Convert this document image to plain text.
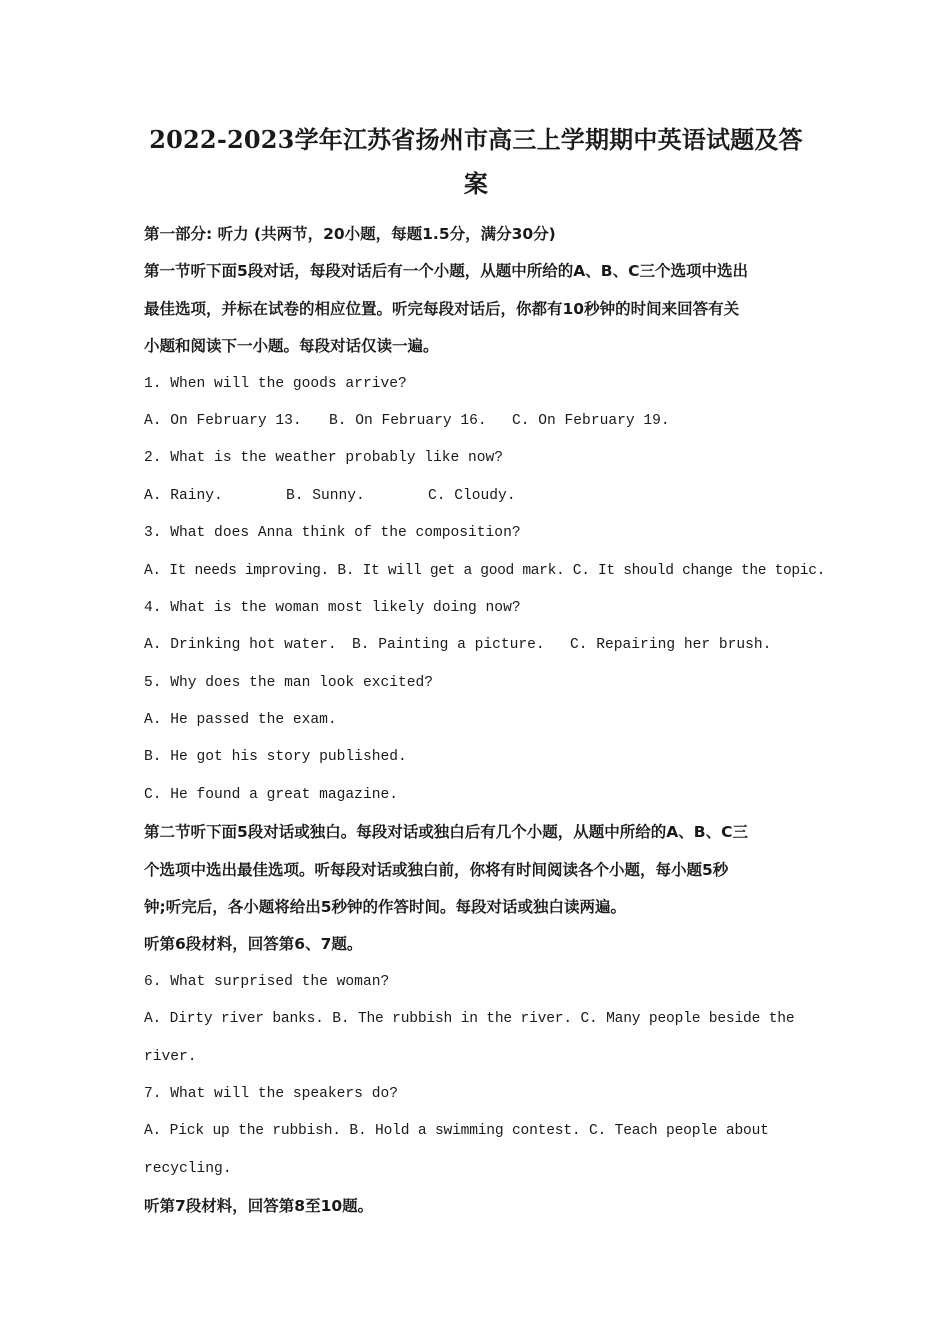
2022-2023学年江苏省扬州市高三上学期期中英语试题及答案
第一部分: 听力 (共两节，20小题，每题1.5分，满分30分)
第一节听下面5段对话，每段对话后有一个小题，从题中所给的A、B、C三个选项中选出
最佳选项，并标在试卷的相应位置。听完每段对话后，你都有10秒钟的时间来回答有关
小题和阅读下一小题。每段对话仅读一遍。
1. When will the goods arrive?
A. On February 13. B. On February 16. C. On February 19.
2. What is the weather probably like now?
A. Rainy.	B. Sunny.	C. Cloudy.
3. What does Anna think of the composition?
A. It needs improving. B. It will get a good mark. C. It should change the topic.
4. What is the woman most likely doing now?
A. Drinking hot water. B. Painting a picture. C. Repairing her brush.
5. Why does the man look excited?
A. He passed the exam.
B. He got his story published.
C. He found a great magazine.
第二节听下面5段对话或独白。每段对话或独白后有几个小题，从题中所给的A、B、C三
个选项中选出最佳选项。听每段对话或独白前，你将有时间阅读各个小题，每小题5秒
钟;听完后，各小题将给出5秒钟的作答时间。每段对话或独白读两遍。
听第6段材料，回答第6、7题。
6. What surprised the woman?
A. Dirty river banks. B. The rubbish in the river. C. Many people beside the
river.
7. What will the speakers do?
A. Pick up the rubbish. B. Hold a swimming contest. C. Teach people about
recycling.
听第7段材料，回答第8至10题。
